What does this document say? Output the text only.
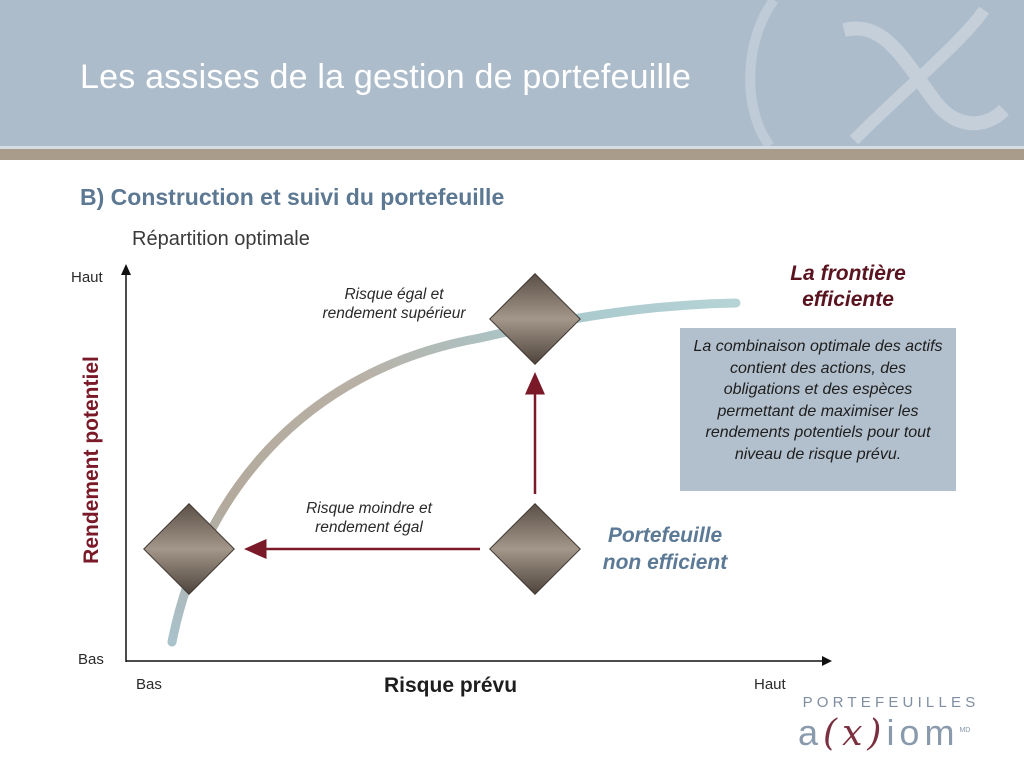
Les assises de la gestion de portefeuille
B) Construction et suivi du portefeuille
Répartition optimale
Haut
Bas
Bas	Haut
Risque prévu
Rendement potentiel
Risque égal et
rendement supérieur
Risque moindre et
rendement égal
La frontière
efficiente
Portefeuille
non efficient
La combinaison optimale des actifs contient des actions, des obligations et des espèces permettant de maximiser les rendements potentiels pour tout niveau de risque prévu.
PORTEFEUILLES
a(x)iom$^{MD}$
